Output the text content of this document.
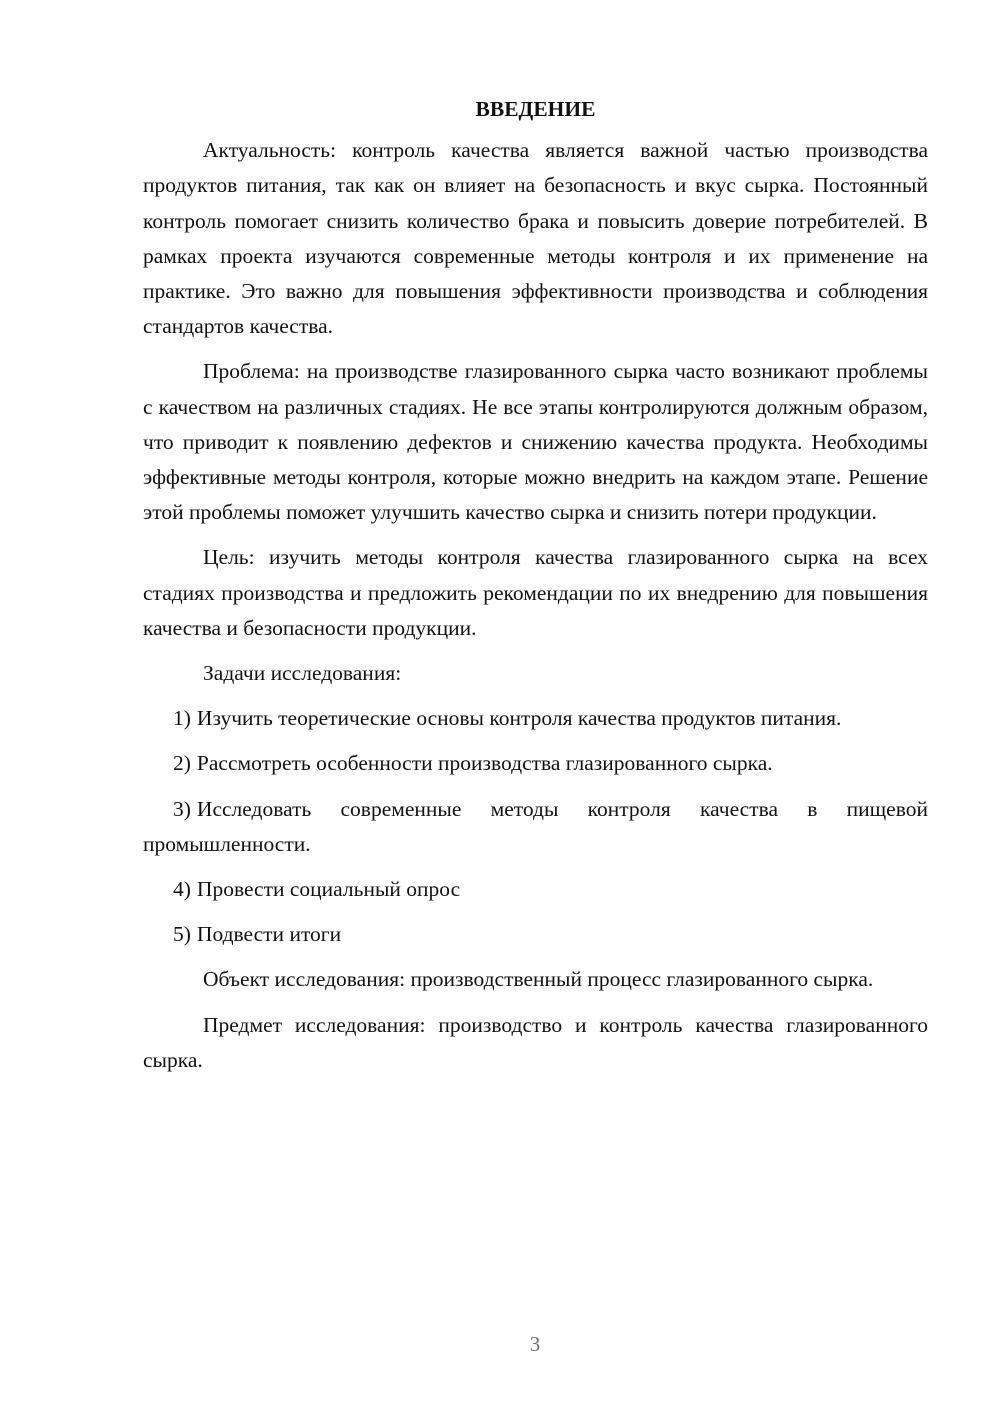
ВВЕДЕНИЕ

Актуальность: контроль качества является важной частью производства продуктов питания, так как он влияет на безопасность и вкус сырка. Постоянный контроль помогает снизить количество брака и повысить доверие потребителей. В рамках проекта изучаются современные методы контроля и их применение на практике. Это важно для повышения эффективности производства и соблюдения стандартов качества.

Проблема: на производстве глазированного сырка часто возникают проблемы с качеством на различных стадиях. Не все этапы контролируются должным образом, что приводит к появлению дефектов и снижению качества продукта. Необходимы эффективные методы контроля, которые можно внедрить на каждом этапе. Решение этой проблемы поможет улучшить качество сырка и снизить потери продукции.

Цель: изучить методы контроля качества глазированного сырка на всех стадиях производства и предложить рекомендации по их внедрению для повышения качества и безопасности продукции.

Задачи исследования:

1) Изучить теоретические основы контроля качества продуктов питания.

2) Рассмотреть особенности производства глазированного сырка.

3) Исследовать современные методы контроля качества в пищевой промышленности.

4) Провести социальный опрос

5) Подвести итоги

Объект исследования: производственный процесс глазированного сырка.

Предмет исследования: производство и контроль качества глазированного сырка.

3
